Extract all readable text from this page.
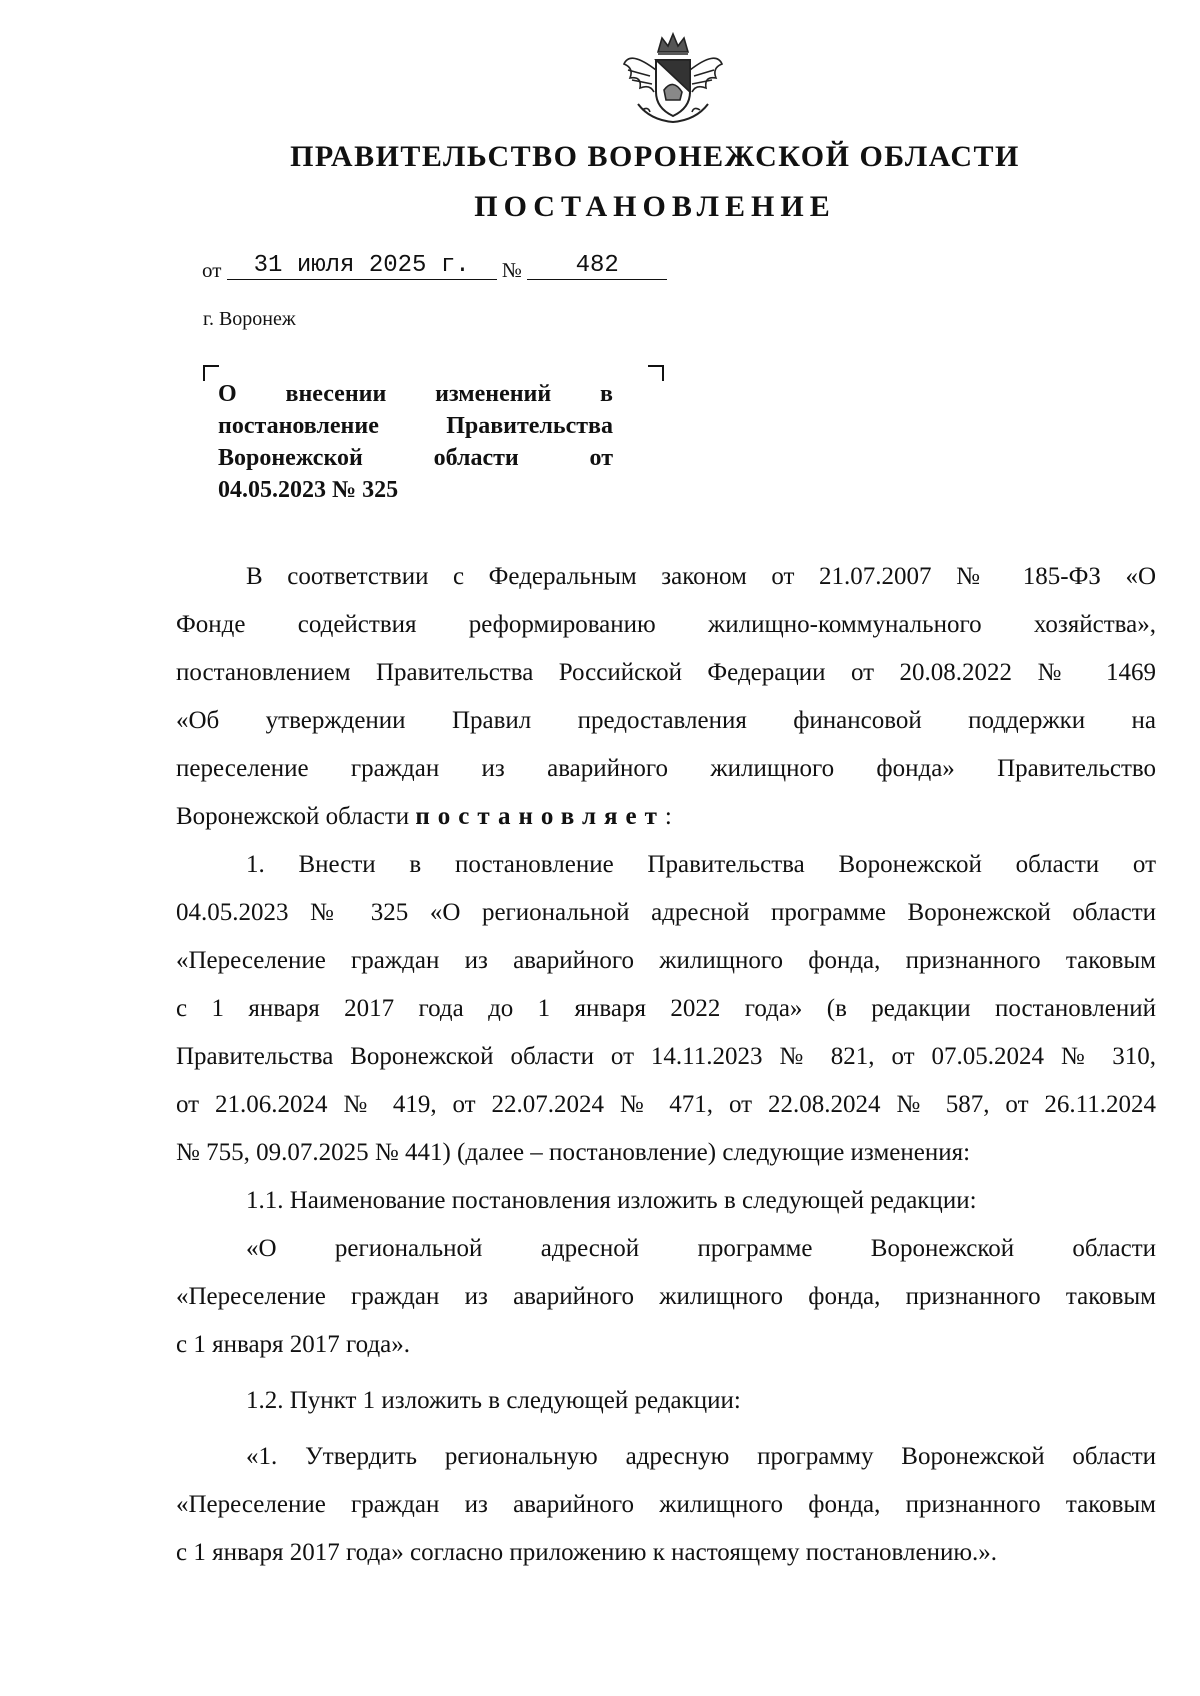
ПРАВИТЕЛЬСТВО ВОРОНЕЖСКОЙ ОБЛАСТИ
ПОСТАНОВЛЕНИЕ
от 31 июля 2025 г. № 482
г. Воронеж

О внесении изменений в
постановление Правительства
Воронежской области от
04.05.2023 № 325

В соответствии с Федеральным законом от 21.07.2007 № 185-ФЗ «О
Фонде содействия реформированию жилищно-коммунального хозяйства»,
постановлением Правительства Российской Федерации от 20.08.2022 № 1469
«Об утверждении Правил предоставления финансовой поддержки на
переселение граждан из аварийного жилищного фонда» Правительство
Воронежской области постановляет:
1. Внести в постановление Правительства Воронежской области от
04.05.2023 № 325 «О региональной адресной программе Воронежской области
«Переселение граждан из аварийного жилищного фонда, признанного таковым
с 1 января 2017 года до 1 января 2022 года» (в редакции постановлений
Правительства Воронежской области от 14.11.2023 № 821, от 07.05.2024 № 310,
от 21.06.2024 № 419, от 22.07.2024 № 471, от 22.08.2024 № 587, от 26.11.2024
№ 755, 09.07.2025 № 441) (далее – постановление) следующие изменения:
1.1. Наименование постановления изложить в следующей редакции:
«О региональной адресной программе Воронежской области
«Переселение граждан из аварийного жилищного фонда, признанного таковым
с 1 января 2017 года».
1.2. Пункт 1 изложить в следующей редакции:
«1. Утвердить региональную адресную программу Воронежской области
«Переселение граждан из аварийного жилищного фонда, признанного таковым
с 1 января 2017 года» согласно приложению к настоящему постановлению.».
